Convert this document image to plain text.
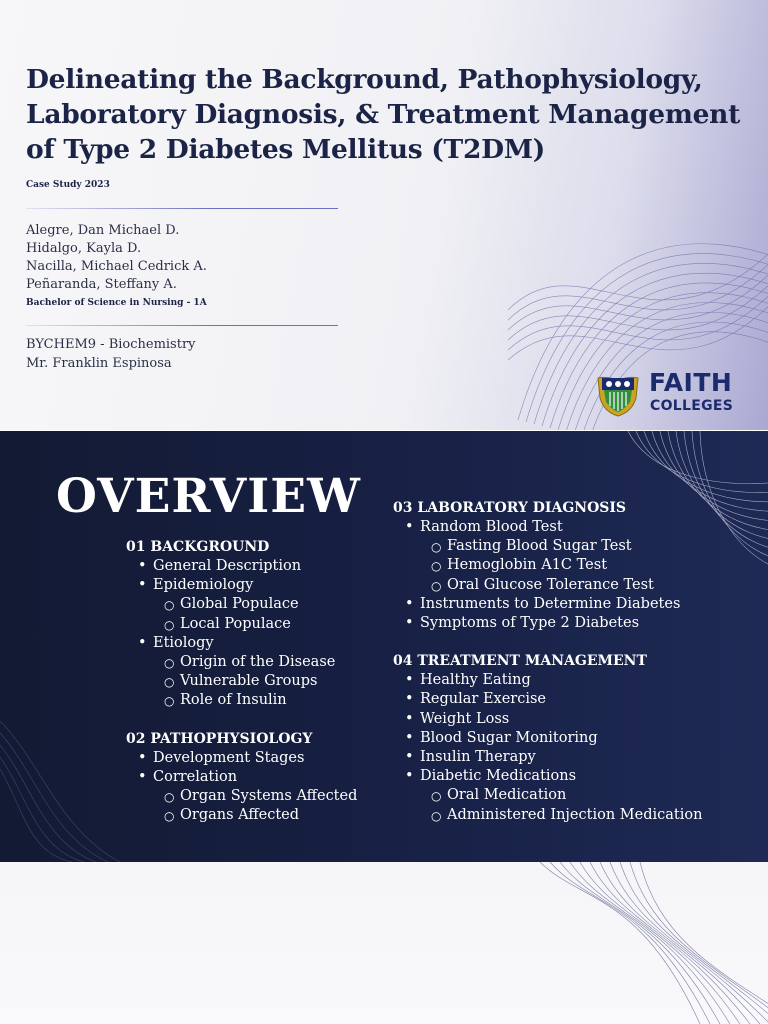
Delineating the Background, Pathophysiology, Laboratory Diagnosis, & Treatment Management of Type 2 Diabetes Mellitus (T2DM)
Case Study 2023
Alegre, Dan Michael D.
Hidalgo, Kayla D.
Nacilla, Michael Cedrick A.
Peñaranda, Steffany A.
Bachelor of Science in Nursing - 1A
BYCHEM9 - Biochemistry
Mr. Franklin Espinosa
FAITH
COLLEGES
OVERVIEW
01 BACKGROUND
• General Description
• Epidemiology
○ Global Populace
○ Local Populace
• Etiology
○ Origin of the Disease
○ Vulnerable Groups
○ Role of Insulin
02 PATHOPHYSIOLOGY
• Development Stages
• Correlation
○ Organ Systems Affected
○ Organs Affected
03 LABORATORY DIAGNOSIS
• Random Blood Test
○ Fasting Blood Sugar Test
○ Hemoglobin A1C Test
○ Oral Glucose Tolerance Test
• Instruments to Determine Diabetes
• Symptoms of Type 2 Diabetes
04 TREATMENT MANAGEMENT
• Healthy Eating
• Regular Exercise
• Weight Loss
• Blood Sugar Monitoring
• Insulin Therapy
• Diabetic Medications
○ Oral Medication
○ Administered Injection Medication
